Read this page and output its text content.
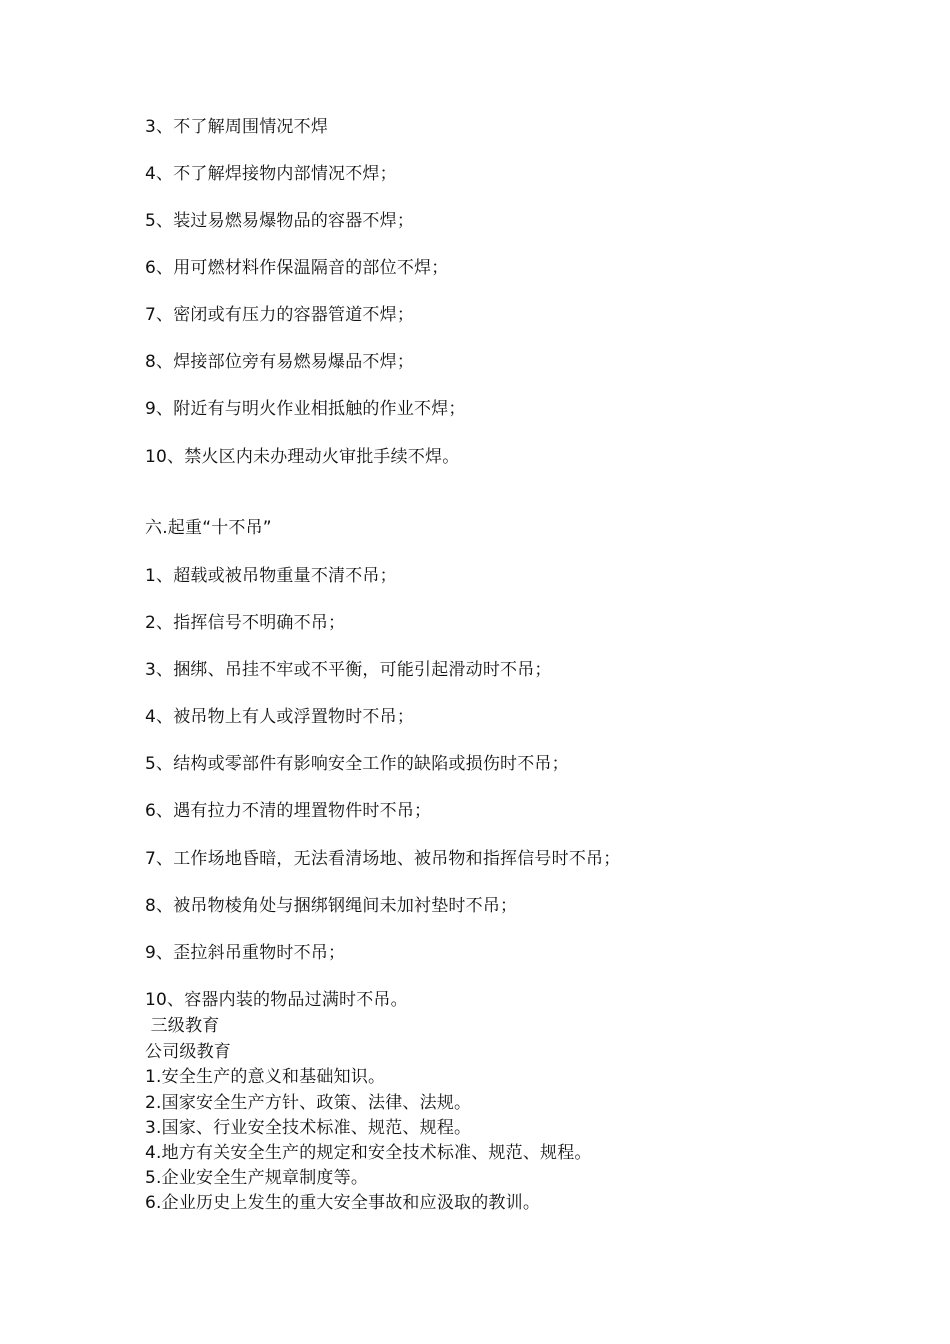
3、不了解周围情况不焊
4、不了解焊接物内部情况不焊；
5、装过易燃易爆物品的容器不焊；
6、用可燃材料作保温隔音的部位不焊；
7、密闭或有压力的容器管道不焊；
8、焊接部位旁有易燃易爆品不焊；
9、附近有与明火作业相抵触的作业不焊；
10、禁火区内未办理动火审批手续不焊。
六.起重“十不吊”
1、超载或被吊物重量不清不吊；
2、指挥信号不明确不吊；
3、捆绑、吊挂不牢或不平衡，可能引起滑动时不吊；
4、被吊物上有人或浮置物时不吊；
5、结构或零部件有影响安全工作的缺陷或损伤时不吊；
6、遇有拉力不清的埋置物件时不吊；
7、工作场地昏暗，无法看清场地、被吊物和指挥信号时不吊；
8、被吊物棱角处与捆绑钢绳间未加衬垫时不吊；
9、歪拉斜吊重物时不吊；
10、容器内装的物品过满时不吊。
三级教育
公司级教育
1.安全生产的意义和基础知识。
2.国家安全生产方针、政策、法律、法规。
3.国家、行业安全技术标准、规范、规程。
4.地方有关安全生产的规定和安全技术标准、规范、规程。
5.企业安全生产规章制度等。
6.企业历史上发生的重大安全事故和应汲取的教训。
